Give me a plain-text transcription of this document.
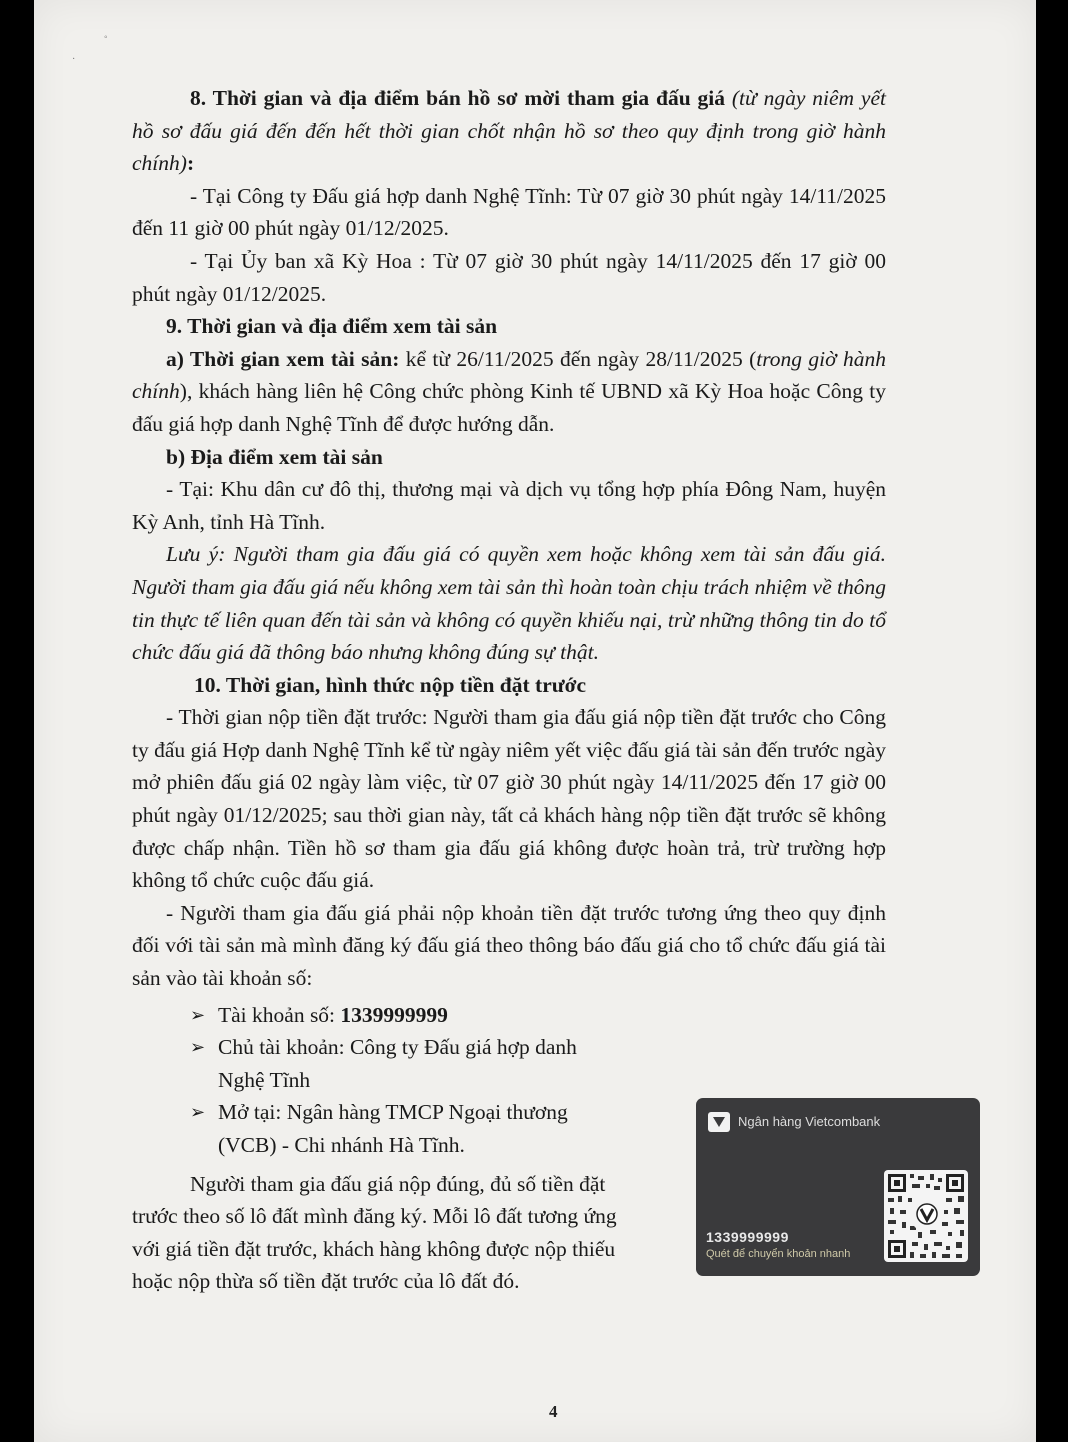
◦
·

8. Thời gian và địa điểm bán hồ sơ mời tham gia đấu giá (từ ngày niêm yết hồ sơ đấu giá đến đến hết thời gian chốt nhận hồ sơ theo quy định trong giờ hành chính):

- Tại Công ty Đấu giá hợp danh Nghệ Tĩnh: Từ 07 giờ 30 phút ngày 14/11/2025 đến 11 giờ 00 phút ngày 01/12/2025.

- Tại Ủy ban xã Kỳ Hoa : Từ 07 giờ 30 phút ngày 14/11/2025 đến 17 giờ 00 phút ngày 01/12/2025.

9. Thời gian và địa điểm xem tài sản

a) Thời gian xem tài sản: kể từ 26/11/2025 đến ngày 28/11/2025 (trong giờ hành chính), khách hàng liên hệ Công chức phòng Kinh tế UBND xã Kỳ Hoa hoặc Công ty đấu giá hợp danh Nghệ Tĩnh để được hướng dẫn.

b) Địa điểm xem tài sản

- Tại: Khu dân cư đô thị, thương mại và dịch vụ tổng hợp phía Đông Nam, huyện Kỳ Anh, tỉnh Hà Tĩnh.

Lưu ý: Người tham gia đấu giá có quyền xem hoặc không xem tài sản đấu giá. Người tham gia đấu giá nếu không xem tài sản thì hoàn toàn chịu trách nhiệm về thông tin thực tế liên quan đến tài sản và không có quyền khiếu nại, trừ những thông tin do tổ chức đấu giá đã thông báo nhưng không đúng sự thật.

10. Thời gian, hình thức nộp tiền đặt trước

- Thời gian nộp tiền đặt trước: Người tham gia đấu giá nộp tiền đặt trước cho Công ty đấu giá Hợp danh Nghệ Tĩnh kể từ ngày niêm yết việc đấu giá tài sản đến trước ngày mở phiên đấu giá 02 ngày làm việc, từ 07 giờ 30 phút ngày 14/11/2025 đến 17 giờ 00 phút ngày 01/12/2025; sau thời gian này, tất cả khách hàng nộp tiền đặt trước sẽ không được chấp nhận. Tiền hồ sơ tham gia đấu giá không được hoàn trả, trừ trường hợp không tổ chức cuộc đấu giá.

- Người tham gia đấu giá phải nộp khoản tiền đặt trước tương ứng theo quy định đối với tài sản mà mình đăng ký đấu giá theo thông báo đấu giá cho tổ chức đấu giá tài sản vào tài khoản số:

➢ Tài khoản số: 1339999999
➢ Chủ tài khoản: Công ty Đấu giá hợp danh Nghệ Tĩnh
➢ Mở tại: Ngân hàng TMCP Ngoại thương (VCB) - Chi nhánh Hà Tĩnh.

Người tham gia đấu giá nộp đúng, đủ số tiền đặt trước theo số lô đất mình đăng ký. Mỗi lô đất tương ứng với giá tiền đặt trước, khách hàng không được nộp thiếu hoặc nộp thừa số tiền đặt trước của lô đất đó.

Ngân hàng Vietcombank
1339999999
Quét để chuyển khoản nhanh
4
